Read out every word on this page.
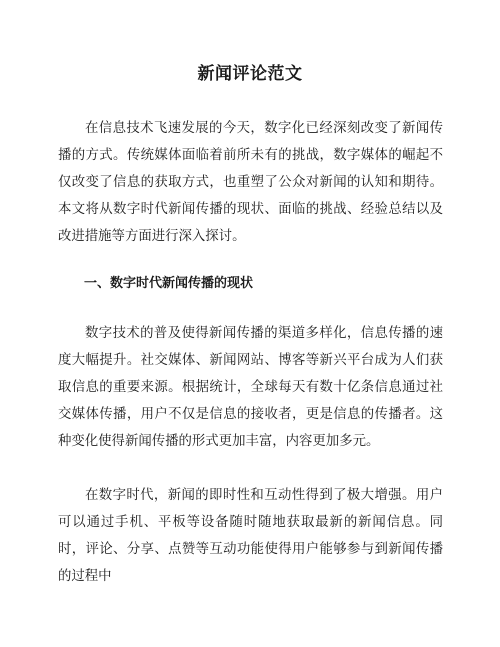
新闻评论范文

在信息技术飞速发展的今天，数字化已经深刻改变了新闻传播的方式。传统媒体面临着前所未有的挑战，数字媒体的崛起不仅改变了信息的获取方式，也重塑了公众对新闻的认知和期待。本文将从数字时代新闻传播的现状、面临的挑战、经验总结以及改进措施等方面进行深入探讨。

一、数字时代新闻传播的现状

数字技术的普及使得新闻传播的渠道多样化，信息传播的速度大幅提升。社交媒体、新闻网站、博客等新兴平台成为人们获取信息的重要来源。根据统计，全球每天有数十亿条信息通过社交媒体传播，用户不仅是信息的接收者，更是信息的传播者。这种变化使得新闻传播的形式更加丰富，内容更加多元。

在数字时代，新闻的即时性和互动性得到了极大增强。用户可以通过手机、平板等设备随时随地获取最新的新闻信息。同时，评论、分享、点赞等互动功能使得用户能够参与到新闻传播的过程中
